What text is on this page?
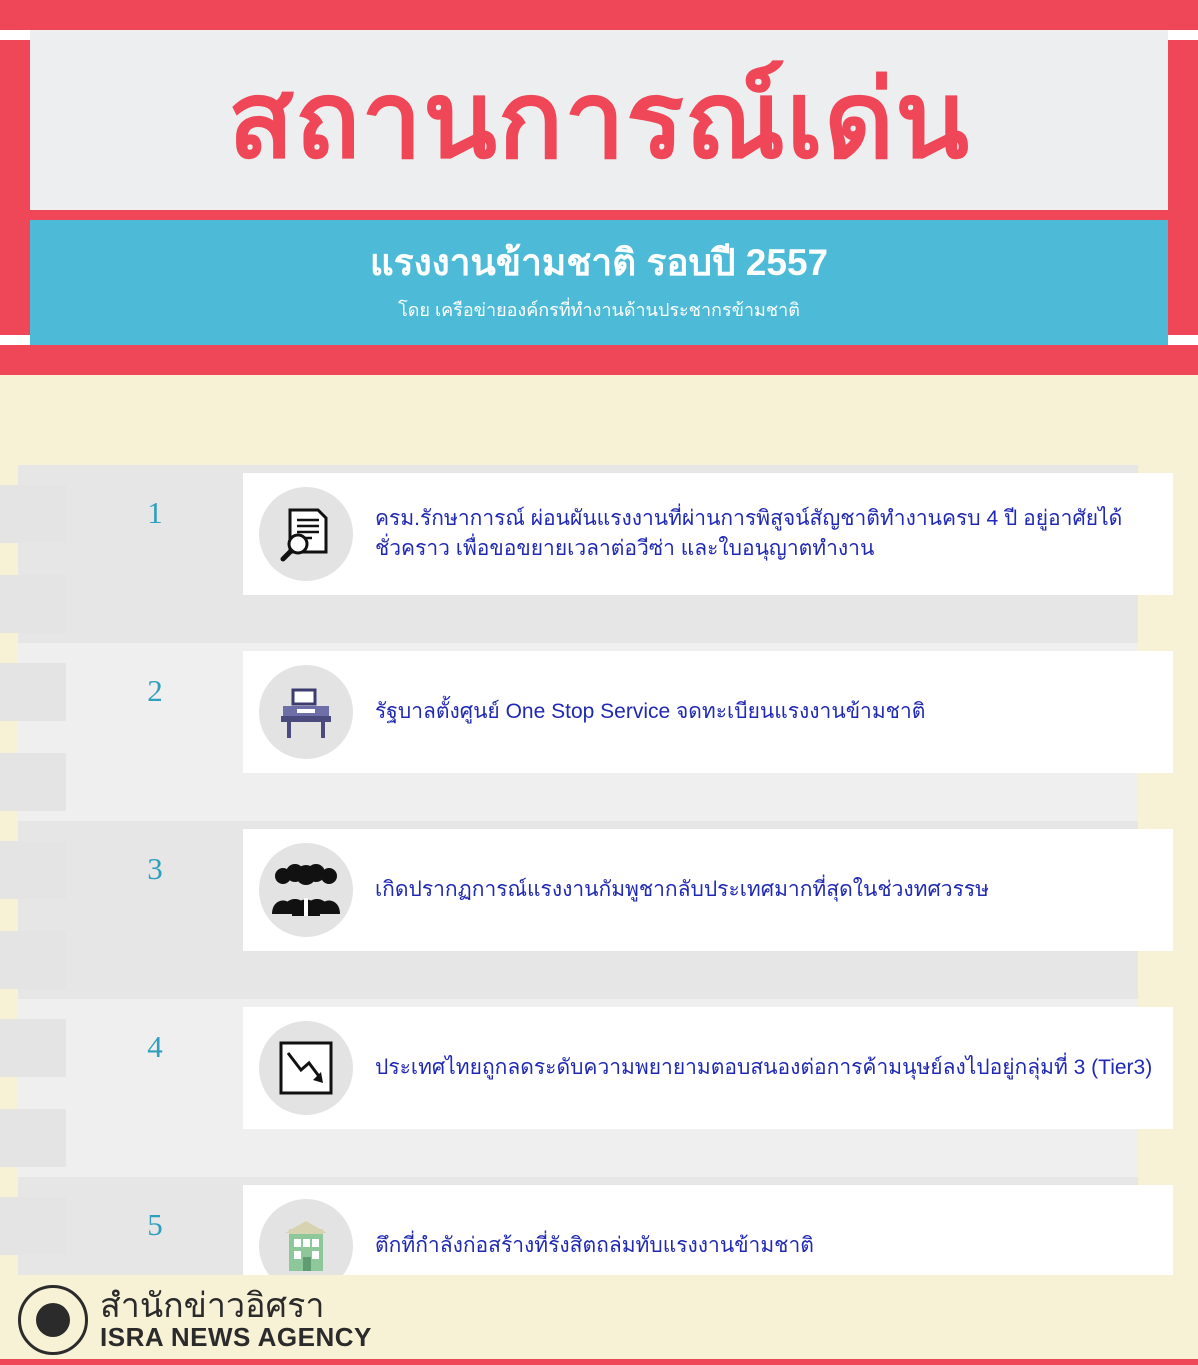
สถานการณ์เด่น
แรงงานข้ามชาติ รอบปี 2557
โดย เครือข่ายองค์กรที่ทำงานด้านประชากรข้ามชาติ
1	ครม.รักษาการณ์ ผ่อนผันแรงงานที่ผ่านการพิสูจน์สัญชาติทำงานครบ 4 ปี อยู่อาศัยได้ชั่วคราว เพื่อขอขยายเวลาต่อวีซ่า และใบอนุญาตทำงาน
2
รัฐบาลตั้งศูนย์ One Stop Service จดทะเบียนแรงงานข้ามชาติ
3
เกิดปรากฏการณ์แรงงานกัมพูชากลับประเทศมากที่สุดในช่วงทศวรรษ
4
ประเทศไทยถูกลดระดับความพยายามตอบสนองต่อการค้ามนุษย์ลงไปอยู่กลุ่มที่ 3 (Tier3)
5
ตึกที่กำลังก่อสร้างที่รังสิตถล่มทับแรงงานข้ามชาติ
สำนักข่าวอิศรา
ISRA NEWS AGENCY
